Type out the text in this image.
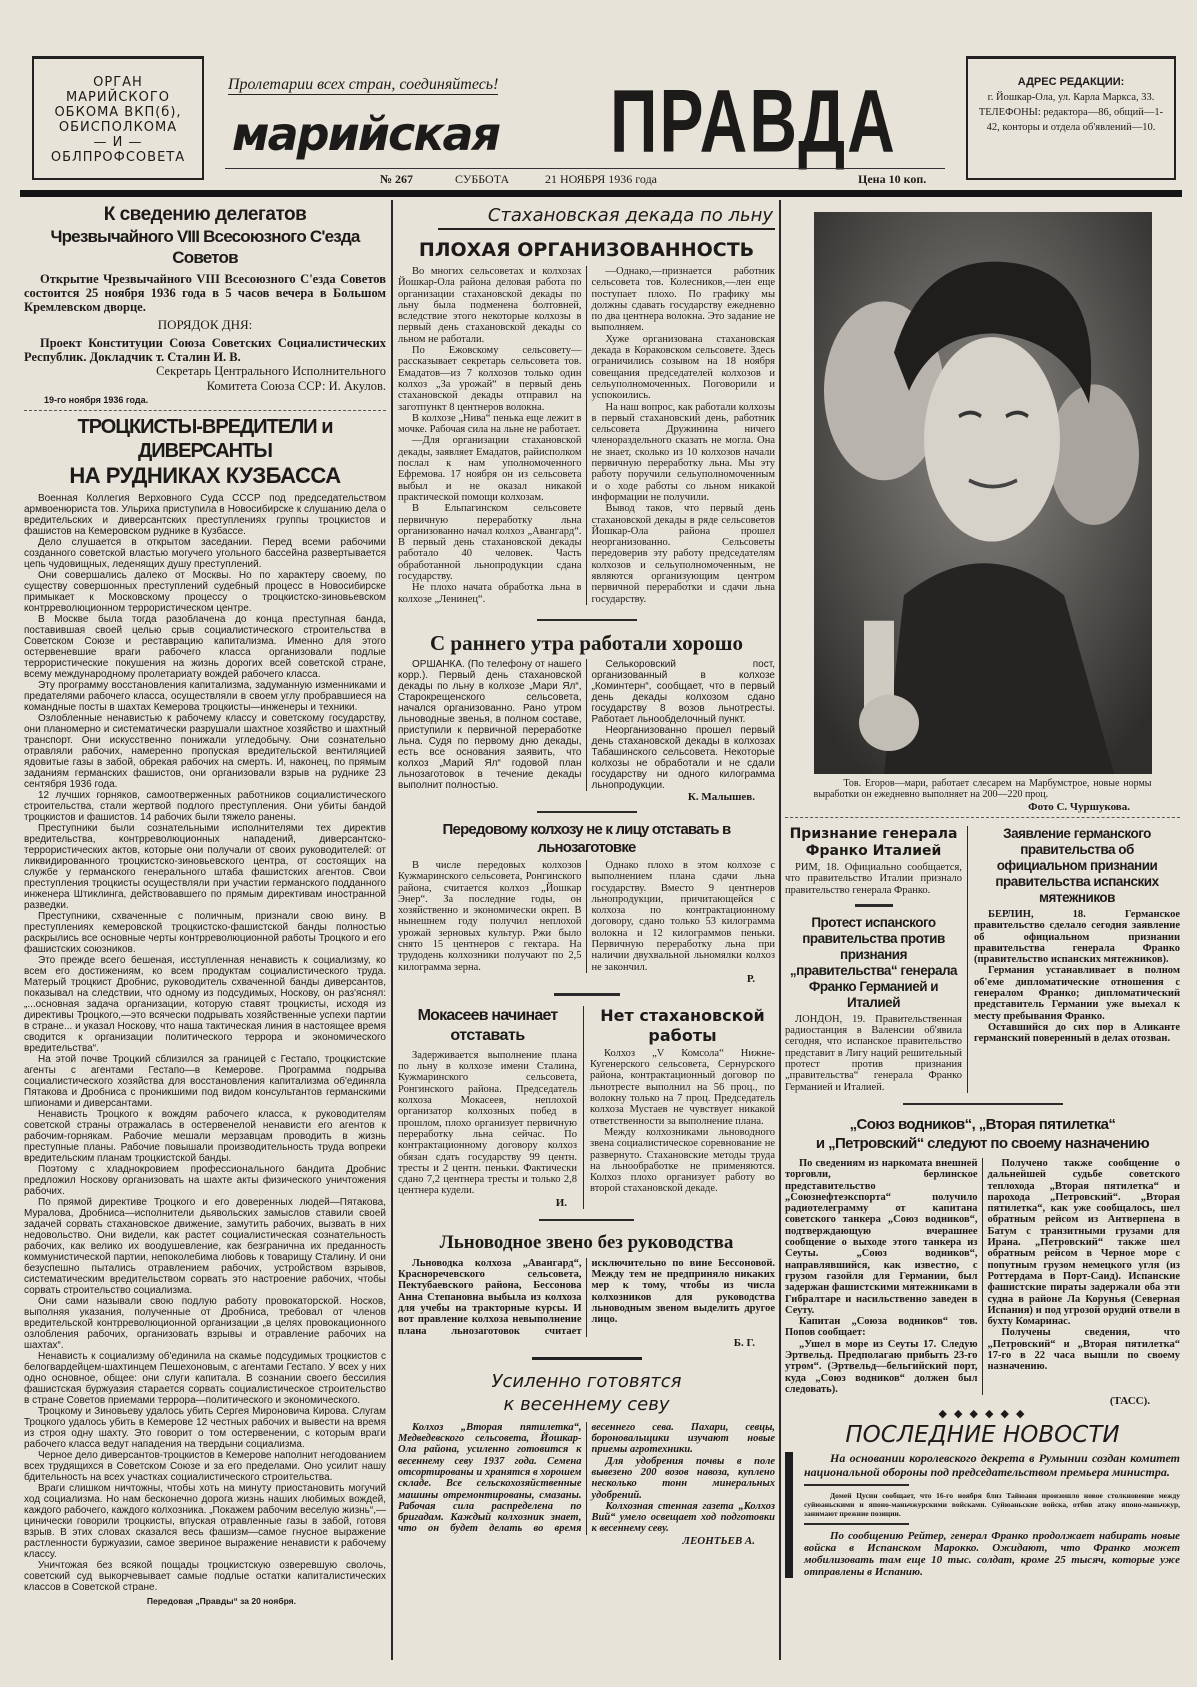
ОРГАН
МАРИЙСКОГО
ОБКОМА ВКП(б),
ОБИСПОЛКОМА
— И —
ОБЛПРОФСОВЕТА
Пролетарии всех стран, соединяйтесь!
марийская ПРАВДА	АДРЕС РЕДАКЦИИ:
г. Йошкар-Ола, ул. Карла Маркса, 33. ТЕЛЕФОНЫ: редактора—86, общий—1-42, конторы и отдела об'явлений—10.
№ 267	СУББОТА	21 НОЯБРЯ 1936 года	Цена 10 коп.
К сведению делегатов
Чрезвычайного VIII Всесоюзного С'езда Советов

Открытие Чрезвычайного VIII Всесоюзного С'езда Советов состоится 25 ноября 1936 года в 5 часов вечера в Большом Кремлевском дворце.

ПОРЯДОК ДНЯ:

Проект Конституции Союза Советских Социалистических Республик. Докладчик т. Сталин И. В.

Секретарь Центрального Исполнительного
Комитета Союза ССР: И. Акулов.
19-го ноября 1936 года.
ТРОЦКИСТЫ-ВРЕДИТЕЛИ и ДИВЕРСАНТЫ
НА РУДНИКАХ КУЗБАССА

Военная Коллегия Верховного Суда СССР под председательством армвоенюриста тов. Ульриха приступила в Новосибирске к слушанию дела о вредительских и диверсантских преступлениях группы троцкистов и фашистов на Кемеровском руднике в Кузбассе.

Дело слушается в открытом заседании. Перед всеми рабочими созданного советской властью могучего угольного бассейна развертывается цепь чудовищных, леденящих душу преступлений.

Они совершались далеко от Москвы. Но по характеру своему, по существу совершонных преступлений судебный процесс в Новосибирске примыкает к Московскому процессу о троцкистско-зиновьевском контрреволюционном террористическом центре.

В Москве была тогда разоблачена до конца преступная банда, поставившая своей целью срыв социалистического строительства в Советском Союзе и реставрацию капитализма. Именно для этого остервеневшие враги рабочего класса организовали подлые террористические покушения на жизнь дорогих всей советской стране, всему международному пролетариату вождей рабочего класса.

Эту программу восстановления капитализма, задуманную изменниками и предателями рабочего класса, осуществляли в своем углу пробравшиеся на командные посты в шахтах Кемерова троцкисты—инженеры и техники.

Озлобленные ненавистью к рабочему классу и советскому государству, они планомерно и систематически разрушали шахтное хозяйство и шахтный транспорт. Они искусственно понижали угледобычу. Они сознательно отравляли рабочих, намеренно пропуская вредительской вентиляцией ядовитые газы в забой, обрекая рабочих на смерть. И, наконец, по прямым заданиям германских фашистов, они организовали взрыв на руднике 23 сентября 1936 года.

12 лучших горняков, самоотверженных работников социалистического строительства, стали жертвой подлого преступления. Они убиты бандой троцкистов и фашистов. 14 рабочих были тяжело ранены.

Преступники были сознательными исполнителями тех директив вредительства, контрреволюционных нападений, диверсантско-террористических актов, которые они получали от своих руководителей: от ликвидированного троцкистско-зиновьевского центра, от состоящих на службе у германского генерального штаба фашистских агентов. Свои преступления троцкисты осуществляли при участии германского подданного инженера Штиклинга, действовавшего по прямым директивам иностранной разведки.

Преступники, схваченные с поличным, признали свою вину. В преступлениях кемеровской троцкистско-фашистской банды полностью раскрылись все основные черты контрреволюционной работы Троцкого и его фашистских союзников.

Это прежде всего бешеная, исступленная ненависть к социализму, ко всем его достижениям, ко всем продуктам социалистического труда. Матерый троцкист Дробнис, руководитель схваченной банды диверсантов, показывал на следствии, что одному из подсудимых, Носкову, он раз'яснял: „...основная задача организации, которую ставят троцкисты, исходя из директивы Троцкого,—это всячески подрывать хозяйственные успехи партии в стране... и указал Носкову, что наша тактическая линия в настоящее время сводится к организации политического террора и экономического вредительства“.

На этой почве Троцкий сблизился за границей с Гестапо, троцкистские агенты с агентами Гестапо—в Кемерове. Программа подрыва социалистического хозяйства для восстановления капитализма об'единяла Пятакова и Дробниса с проникшими под видом консультантов германскими шпионами и диверсантами.

Ненависть Троцкого к вождям рабочего класса, к руководителям советской страны отражалась в остервенелой ненависти его агентов к рабочим-горнякам. Рабочие мешали мерзавцам проводить в жизнь преступные планы. Рабочие повышали производительность труда вопреки вредительским планам троцкистской банды.

Поэтому с хладнокровием профессионального бандита Дробнис предложил Носкову организовать на шахте акты физического уничтожения рабочих.

По прямой директиве Троцкого и его доверенных людей—Пятакова, Муралова, Дробниса—исполнители дьявольских замыслов ставили своей задачей сорвать стахановское движение, замутить рабочих, вызвать в них недовольство. Они видели, как растет социалистическая сознательность рабочих, как велико их воодушевление, как безгранична их преданность коммунистической партии, непоколебима любовь к товарищу Сталину. И они безуспешно пытались отравлением рабочих, устройством взрывов, систематическим вредительством сорвать это настроение рабочих, чтобы сорвать строительство социализма.

Они сами называли свою подлую работу провокаторской. Носков, выполняя указания, полученные от Дробниса, требовал от членов вредительской контрреволюционной организации „в целях провокационного озлобления рабочих, организовать взрывы и отравление рабочих на шахтах“.

Ненависть к социализму об'единила на скамье подсудимых троцкистов с белогвардейцем-шахтинцем Пешехоновым, с агентами Гестапо. У всех у них одно основное, общее: они слуги капитала. В сознании своего бессилия фашистская буржуазия старается сорвать социалистическое строительство в стране Советов приемами террора—политического и экономического.

Троцкому и Зиновьеву удалось убить Сергея Мироновича Кирова. Слугам Троцкого удалось убить в Кемерове 12 честных рабочих и вывести на время из строя одну шахту. Это говорит о том остервенении, с которым враги рабочего класса ведут нападения на твердыни социализма.

Черное дело диверсантов-троцкистов в Кемерове наполнит негодованием всех трудящихся в Советском Союзе и за его пределами. Оно усилит нашу бдительность на всех участках социалистического строительства.

Враги слишком ничтожны, чтобы хоть на минуту приостановить могучий ход социализма. Но нам бесконечно дорога жизнь наших любимых вождей, каждого рабочего, каждого колхозника. „Покажем рабочим веселую жизнь“,—цинически говорили троцкисты, впуская отравленные газы в забой, готовя взрыв. В этих словах сказался весь фашизм—самое гнусное выражение растленности буржуазии, самое звериное выражение ненависти к рабочему классу.

Уничтожая без всякой пощады троцкистскую озверевшую сволочь, советский суд выкорчевывает самые подлые остатки капиталистических классов в Советской стране.

Передовая „Правды“ за 20 ноября.
Стахановская декада по льну
ПЛОХАЯ ОРГАНИЗОВАННОСТЬ

Во многих сельсоветах и колхозах Йошкар-Ола района деловая работа по организации стахановской декады по льну была подменена болтовней, вследствие этого некоторые колхозы в первый день стахановской декады со льном не работали.

По Ежовскому сельсовету—рассказывает секретарь сельсовета тов. Емадатов—из 7 колхозов только один колхоз „За урожай“ в первый день стахановской декады отправил на заготпункт 8 центнеров волокна.

В колхозе „Нива“ пенька еще лежит в мочке. Рабочая сила на льне не работает.

—Для организации стахановской декады, заявляет Емадатов, райисполком послал к нам уполномоченного Ефремова. 17 ноября он из сельсовета выбыл и не оказал никакой практической помощи колхозам.

В Ельпагинском сельсовете первичную переработку льна организованно начал колхоз „Авангард“. В первый день стахановской декады работало 40 человек. Часть обработанной льнопродукции сдана государству.

Не плохо начата обработка льна в колхозе „Ленинец“.

—Однако,—признается работник сельсовета тов. Колесников,—лен еще поступает плохо. По графику мы должны сдавать государству ежедневно по два центнера волокна. Это задание не выполняем.

Хуже организована стахановская декада в Кораковском сельсовете. Здесь ограничились созывом на 18 ноября совещания председателей колхозов и сельуполномоченных. Поговорили и успокоились.

На наш вопрос, как работали колхозы в первый стахановский день, работник сельсовета Дружинина ничего членораздельного сказать не могла. Она не знает, сколько из 10 колхозов начали первичную переработку льна. Мы эту работу поручили сельуполномоченным и о ходе работы со льном никакой информации не получили.

Вывод таков, что первый день стахановской декады в ряде сельсоветов Йошкар-Ола района прошел неорганизованно. Сельсоветы передоверив эту работу председателям колхозов и сельуполномоченным, не являются организующим центром первичной переработки и сдачи льна государству.

С раннего утра работали хорошо

ОРШАНКА. (По телефону от нашего корр.). Первый день стахановской декады по льну в колхозе „Мари Ял“, Старокрещенского сельсовета, начался организованно. Рано утром льноводные звенья, в полном составе, приступили к первичной переработке льна. Судя по первому дню декады, есть все основания заявить, что колхоз „Марий Ял“ годовой план льнозаготовок в течение декады выполнит полностью.

Селькоровский пост, организованный в колхозе „Коминтерн“, сообщает, что в первый день декады колхозом сдано государству 8 возов льнотресты. Работает льнообделочный пункт.

Неорганизованно прошел первый день стахановской декады в колхозах Табашинского сельсовета. Некоторые колхозы не обработали и не сдали государству ни одного килограмма льнопродукции.

К. Малышев.
Передовому колхозу не к лицу отставать в льнозаготовке

В числе передовых колхозов Кужмаринского сельсовета, Ронгинского района, считается колхоз „Йошкар Энер“. За последние годы, он хозяйственно и экономически окреп. В нынешнем году получил неплохой урожай зерновых культур. Ржи было снято 15 центнеров с гектара. На трудодень колхозники получают по 2,5 килограмма зерна.

Однако плохо в этом колхозе с выполнением плана сдачи льна государству. Вместо 9 центнеров льнопродукции, причитающейся с колхоза по контрактационному договору, сдано только 53 килограмма волокна и 12 килограммов пеньки. Первичную переработку льна при наличии двухвальной льномялки колхоз не закончил.

Р.
Мокасеев начинает
отставать

Задерживается выполнение плана по льну в колхозе имени Сталина, Кужмаринского сельсовета, Ронгинского района. Председатель колхоза Мокасеев, неплохой организатор колхозных побед в прошлом, плохо организует первичную переработку льна сейчас. По контрактационному договору колхоз обязан сдать государству 99 центн. тресты и 2 центн. пеньки. Фактически сдано 7,2 центнера тресты и только 2,8 центнера кудели.

И.
Нет стахановской
работы

Колхоз „V Комсола“ Нижне-Кугенерского сельсовета, Сернурского района, контрактационный договор по льнотресте выполнил на 56 проц., по волокну только на 7 проц. Председатель колхоза Мустаев не чувствует никакой ответственности за выполнение плана.

Между колхозниками льноводного звена социалистическое соревнование не развернуто. Стахановские методы труда на льнообработке не применяются. Колхоз плохо организует работу во второй стахановской декаде.

Льноводное звено без руководства

Льноводка колхоза „Авангард“, Красноречевского сельсовета, Пектубаевского района, Бессонова Анна Степановна выбыла из колхоза для учебы на тракторные курсы. И вот правление колхоза невыполнение плана льнозаготовок считает исключительно по вине Бессоновой. Между тем не предприняло никаких мер к тому, чтобы из числа колхозников для руководства льноводным звеном выделить другое лицо.

Б. Г.
Усиленно готовятся
к весеннему севу

Колхоз „Вторая пятилетка“, Медведевского сельсовета, Йошкар-Ола района, усиленно готовится к весеннему севу 1937 года. Семена отсортированы и хранятся в хорошем складе. Все сельскохозяйственные машины отремонтированы, смазаны. Рабочая сила распределена по бригадам. Каждый колхозник знает, что он будет делать во время весеннего сева. Пахари, севцы, бороновальщики изучают новые приемы агротехники.

Для удобрения почвы в поле вывезено 200 возов навоза, куплено несколько тонн минеральных удобрений.

Колхозная стенная газета „Колхоз Вий“ умело освещает ход подготовки к весеннему севу.

ЛЕОНТЬЕВ А.
Тов. Егоров—мари, работает слесарем на Марбумстрое, новые нормы выработки он ежедневно выполняет на 200—220 проц.
Фото С. Чуршукова.
Признание генерала Франко Италией

РИМ, 18. Официально сообщается, что правительство Италии признало правительство генерала Франко.

Протест испанского правительства против признания „правительства“ генерала Франко Германией и Италией

ЛОНДОН, 19. Правительственная радиостанция в Валенсии об'явила сегодня, что испанское правительство представит в Лигу наций решительный протест против признания „правительства“ генерала Франко Германией и Италией.

Заявление германского правительства об официальном признании правительства испанских мятежников

БЕРЛИН, 18. Германское правительство сделало сегодня заявление об официальном признании правительства генерала Франко (правительство испанских мятежников).

Германия устанавливает в полном об'еме дипломатические отношения с генералом Франко; дипломатический представитель Германии уже выехал к месту пребывания Франко.

Оставшийся до сих пор в Аликанте германский поверенный в делах отозван.

„Союз водников“, „Вторая пятилетка“
и „Петровский“ следуют по своему назначению

По сведениям из наркомата внешней торговли, берлинское представительство „Союзнефтеэкспорта“ получило радиотелеграмму от капитана советского танкера „Союз водников“, подтверждающую вчерашнее сообщение о выходе этого танкера из Сеуты. „Союз водников“, направлявшийся, как известно, с грузом газойля для Германии, был задержан фашистскими мятежниками в Гибралтаре и насильственно заведен в Сеуту.

Капитан „Союза водников“ тов. Попов сообщает:

„Ушел в море из Сеуты 17. Следую Эртвельд. Предполагаю прибыть 23-го утром“. (Эртвельд—бельгийский порт, куда „Союз водников“ должен был следовать).

Получено также сообщение о дальнейшей судьбе советского теплохода „Вторая пятилетка“ и парохода „Петровский“. „Вторая пятилетка“, как уже сообщалось, шел обратным рейсом из Антверпена в Батум с транзитными грузами для Ирана. „Петровский“ также шел обратным рейсом в Черное море с попутным грузом немецкого угля (из Роттердама в Порт-Саид). Испанские фашистские пираты задержали оба эти судна в районе Ла Корунья (Северная Испания) и под угрозой орудий отвели в бухту Комаринас.

Получены сведения, что „Петровский“ и „Вторая пятилетка“ 17-го в 22 часа вышли по своему назначению.

(ТАСС).
◆ ◆ ◆ ◆ ◆ ◆
ПОСЛЕДНИЕ НОВОСТИ

На основании королевского декрета в Румынии создан комитет национальной обороны под председательством премьера министра.

Домей Цусин сообщает, что 16-го ноября близ Тайюаня произошло новое столкновение между суйюаньскими и японо-маньчжурскими войсками. Суйюаньские войска, отбив атаку японо-маньчжур, занимают прежние позиции.

По сообщению Рейтер, генерал Франко продолжает набирать новые войска в Испанском Марокко. Ожидают, что Франко может мобилизовать там еще 10 тыс. солдат, кроме 25 тысяч, которые уже отправлены в Испанию.
